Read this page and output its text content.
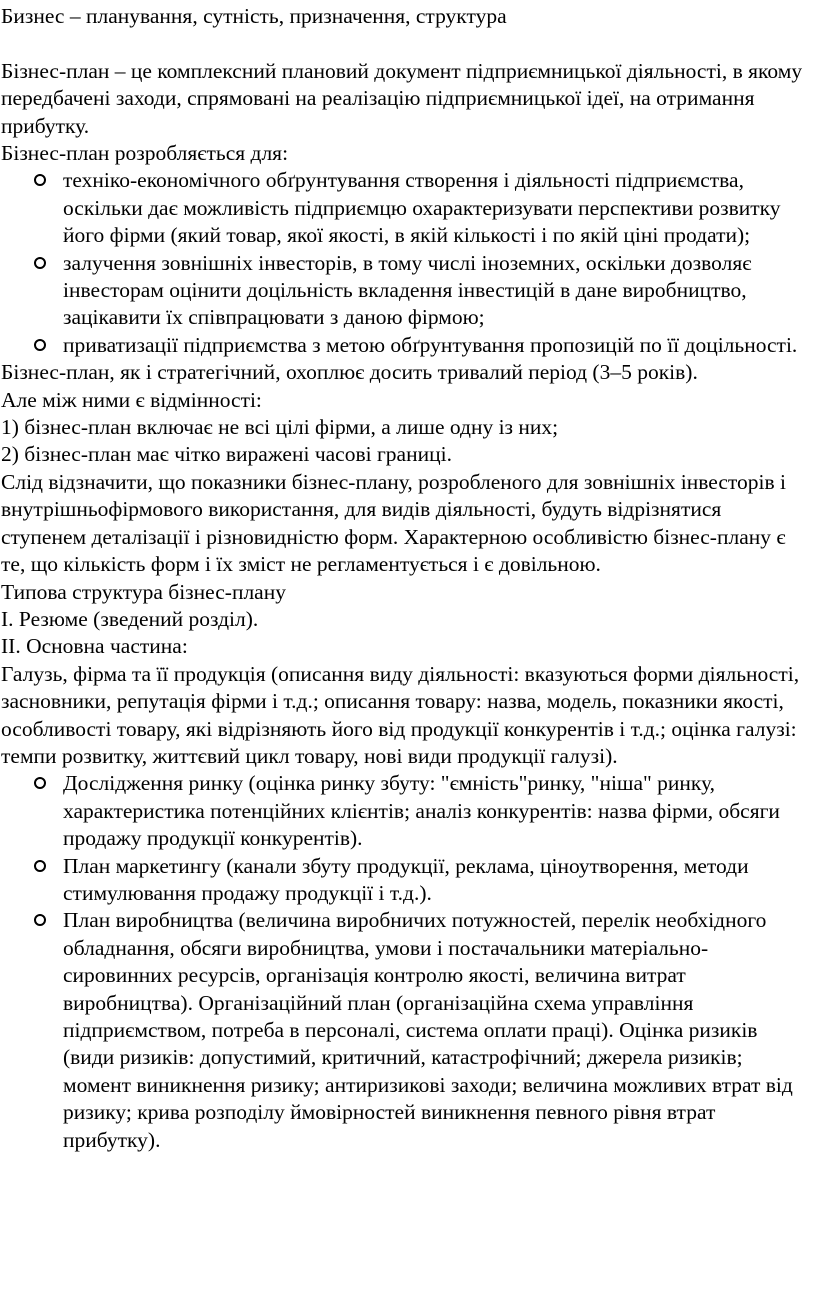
Бизнес – планування, сутність, призначення, структура

Бізнес-план – це комплексний плановий документ підприємницької діяльності, в якому передбачені заходи, спрямовані на реалізацію підприємницької ідеї, на отримання прибутку.

Бізнес-план розробляється для:

техніко-економічного обґрунтування створення і діяльності підприємства, оскільки дає можливість підприємцю охарактеризувати перспективи розвитку його фірми (який товар, якої якості, в якій кількості і по якій ціні продати);
залучення зовнішніх інвесторів, в тому числі іноземних, оскільки дозволяє інвесторам оцінити доцільність вкладення інвестицій в дане виробництво, зацікавити їх співпрацювати з даною фірмою;
приватизації підприємства з метою обґрунтування пропозицій по її доцільності.

Бізнес-план, як і стратегічний, охоплює досить тривалий період (3–5 років).

Але між ними є відмінності:

1) бізнес-план включає не всі цілі фірми, а лише одну із них;

2) бізнес-план має чітко виражені часові границі.

Слід відзначити, що показники бізнес-плану, розробленого для зовнішніх інвесторів і внутрішньофірмового використання, для видів діяльності, будуть відрізнятися ступенем деталізації і різновидністю форм. Характерною особливістю бізнес-плану є те, що кількість форм і їх зміст не регламентується і є довільною.

Типова структура бізнес-плану

І. Резюме (зведений розділ).

ІІ. Основна частина:

Галузь, фірма та її продукція (описання виду діяльності: вказуються форми діяльності, засновники, репутація фірми і т.д.; описання товару: назва, модель, показники якості, особливості товару, які відрізняють його від продукції конкурентів і т.д.; оцінка галузі: темпи розвитку, життєвий цикл товару, нові види продукції галузі).

Дослідження ринку (оцінка ринку збуту: "ємність"ринку, "ніша" ринку, характеристика потенційних клієнтів; аналіз конкурентів: назва фірми, обсяги продажу продукції конкурентів).
План маркетингу (канали збуту продукції, реклама, ціноутворення, методи стимулювання продажу продукції і т.д.).
План виробництва (величина виробничих потужностей, перелік необхідного обладнання, обсяги виробництва, умови і постачальники матеріально-сировинних ресурсів, організація контролю якості, величина витрат виробництва). Організаційний план (організаційна схема управління підприємством, потреба в персоналі, система оплати праці). Оцінка ризиків (види ризиків: допустимий, критичний, катастрофічний; джерела ризиків; момент виникнення ризику; антиризикові заходи; величина можливих втрат від ризику; крива розподілу ймовірностей виникнення певного рівня втрат прибутку).
